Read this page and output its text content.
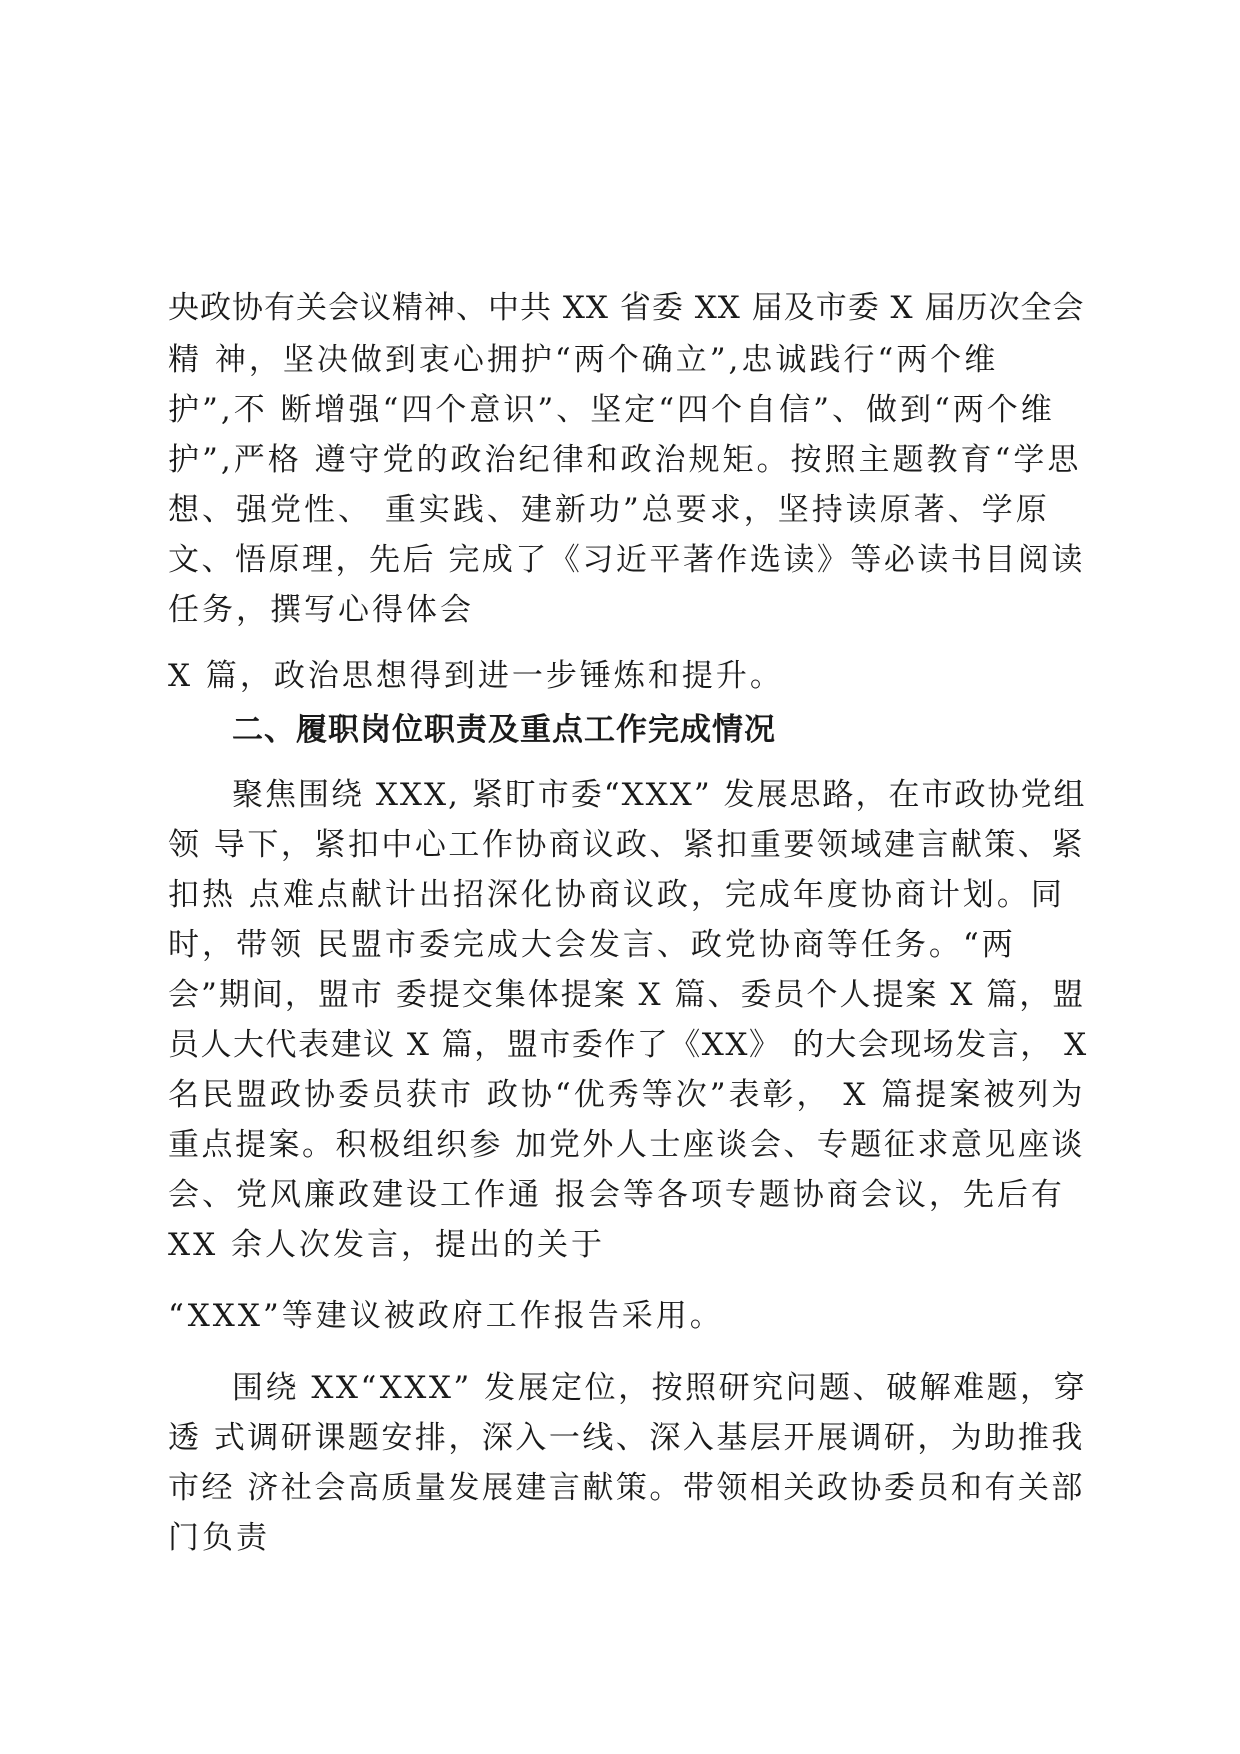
央政协有关会议精神、中共 XX 省委 XX 届及市委 X 届历次全会
精 神，坚决做到衷心拥护“两个确立”,忠诚践行“两个维
护”,不 断增强“四个意识”、坚定“四个自信”、做到“两个维
护”,严格 遵守党的政治纪律和政治规矩。按照主题教育“学思
想、强党性、 重实践、建新功”总要求，坚持读原著、学原
文、悟原理，先后 完成了《习近平著作选读》等必读书目阅读
任务，撰写心得体会
X 篇，政治思想得到进一步锤炼和提升。
二、履职岗位职责及重点工作完成情况
聚焦围绕 XXX, 紧盯市委“XXX” 发展思路，在市政协党组
领 导下，紧扣中心工作协商议政、紧扣重要领域建言献策、紧
扣热 点难点献计出招深化协商议政，完成年度协商计划。同
时，带领 民盟市委完成大会发言、政党协商等任务。“两
会”期间，盟市 委提交集体提案 X 篇、委员个人提案 X 篇，盟
员人大代表建议 X 篇，盟市委作了《XX》 的大会现场发言， X
名民盟政协委员获市 政协“优秀等次”表彰， X 篇提案被列为
重点提案。积极组织参 加党外人士座谈会、专题征求意见座谈
会、党风廉政建设工作通 报会等各项专题协商会议，先后有
XX 余人次发言，提出的关于
“XXX”等建议被政府工作报告采用。
围绕 XX“XXX” 发展定位，按照研究问题、破解难题，穿
透 式调研课题安排，深入一线、深入基层开展调研，为助推我
市经 济社会高质量发展建言献策。带领相关政协委员和有关部
门负责
